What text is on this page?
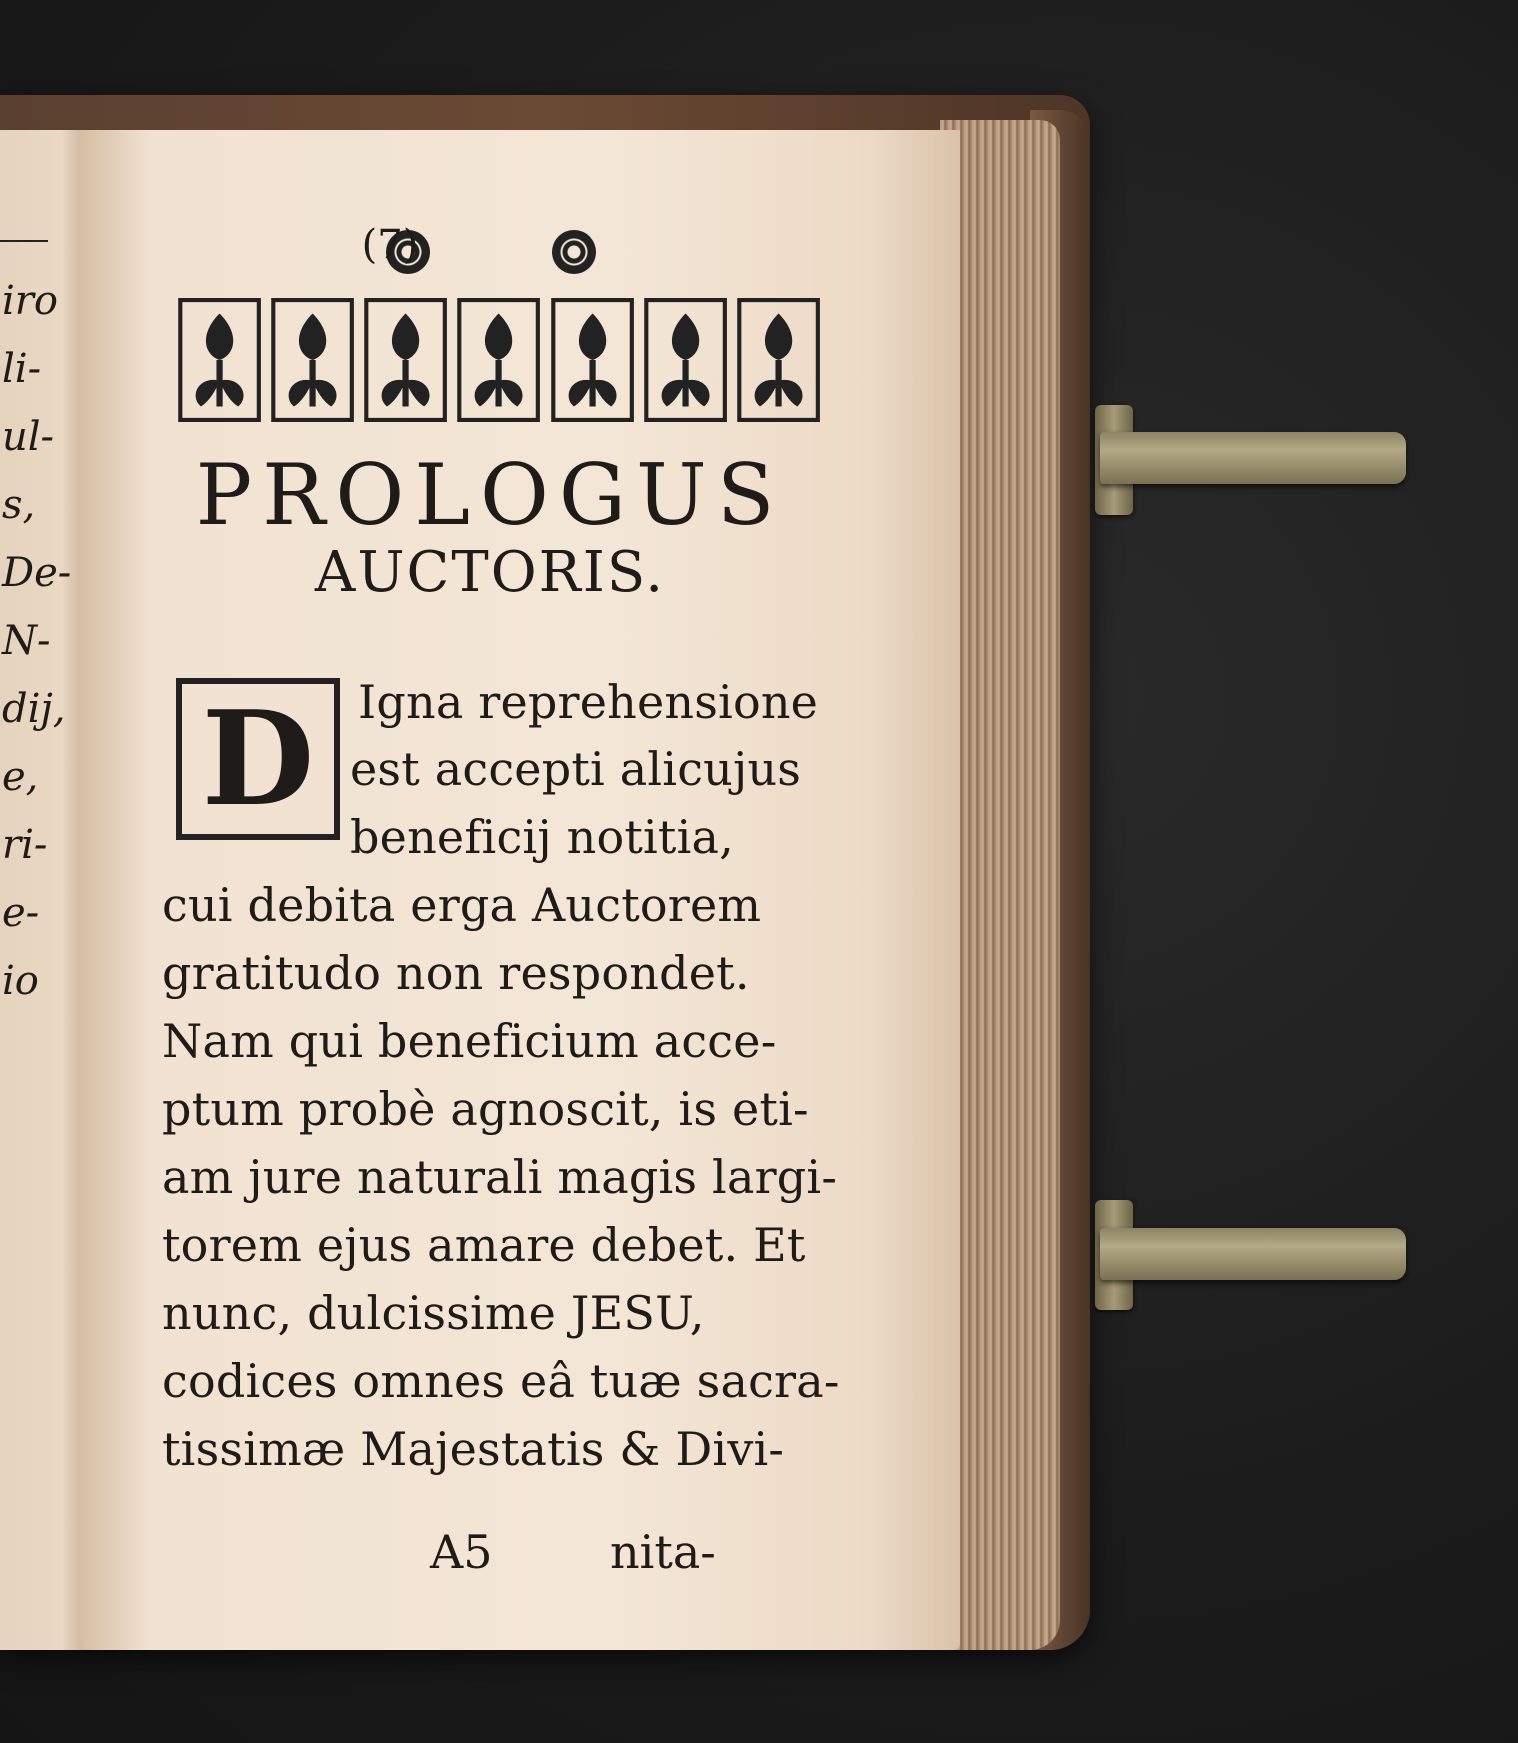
iro
li-
ul-
s,
De-
N-
dij,
e,
ri-
e-
io
(7)
PROLOGUS
AUCTORIS.
D Igna reprehensione
est accepti alicujus
beneficij notitia,
cui debita erga Auctorem
gratitudo non respondet.
Nam qui beneficium acce-
ptum probè agnoscit, is eti-
am jure naturali magis largi-
torem ejus amare debet. Et
nunc, dulcissime JESU,
codices omnes eâ tuæ sacra-
tissimæ Majestatis & Divi-
A5	nita-
